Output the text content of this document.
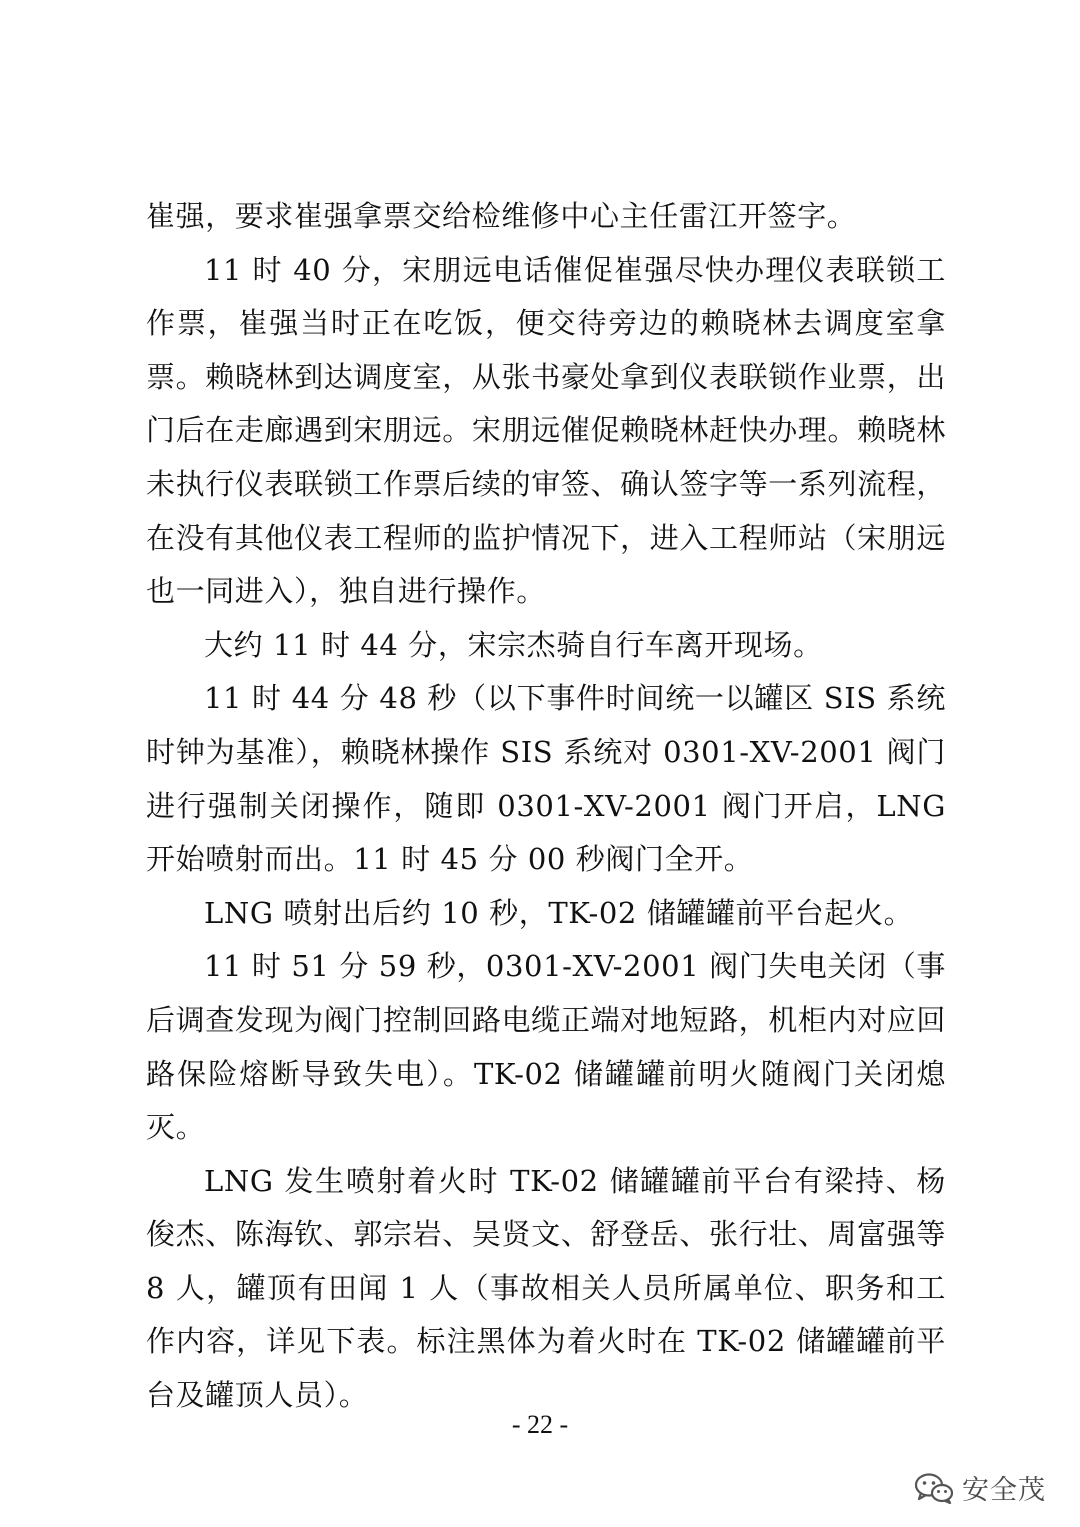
崔强，要求崔强拿票交给检维修中心主任雷江开签字。

11 时 40 分，宋朋远电话催促崔强尽快办理仪表联锁工作票，崔强当时正在吃饭，便交待旁边的赖晓林去调度室拿票。赖晓林到达调度室，从张书豪处拿到仪表联锁作业票，出门后在走廊遇到宋朋远。宋朋远催促赖晓林赶快办理。赖晓林未执行仪表联锁工作票后续的审签、确认签字等一系列流程，在没有其他仪表工程师的监护情况下，进入工程师站（宋朋远也一同进入），独自进行操作。

大约 11 时 44 分，宋宗杰骑自行车离开现场。

11 时 44 分 48 秒（以下事件时间统一以罐区 SIS 系统时钟为基准），赖晓林操作 SIS 系统对 0301-XV-2001 阀门进行强制关闭操作，随即 0301-XV-2001 阀门开启，LNG 开始喷射而出。11 时 45 分 00 秒阀门全开。

LNG 喷射出后约 10 秒，TK-02 储罐罐前平台起火。

11 时 51 分 59 秒，0301-XV-2001 阀门失电关闭（事后调查发现为阀门控制回路电缆正端对地短路，机柜内对应回路保险熔断导致失电）。TK-02 储罐罐前明火随阀门关闭熄灭。

LNG 发生喷射着火时 TK-02 储罐罐前平台有梁持、杨俊杰、陈海钦、郭宗岩、吴贤文、舒登岳、张行壮、周富强等 8 人，罐顶有田闻 1 人（事故相关人员所属单位、职务和工作内容，详见下表。标注黑体为着火时在 TK-02 储罐罐前平台及罐顶人员）。

- 22 -
安全茂
